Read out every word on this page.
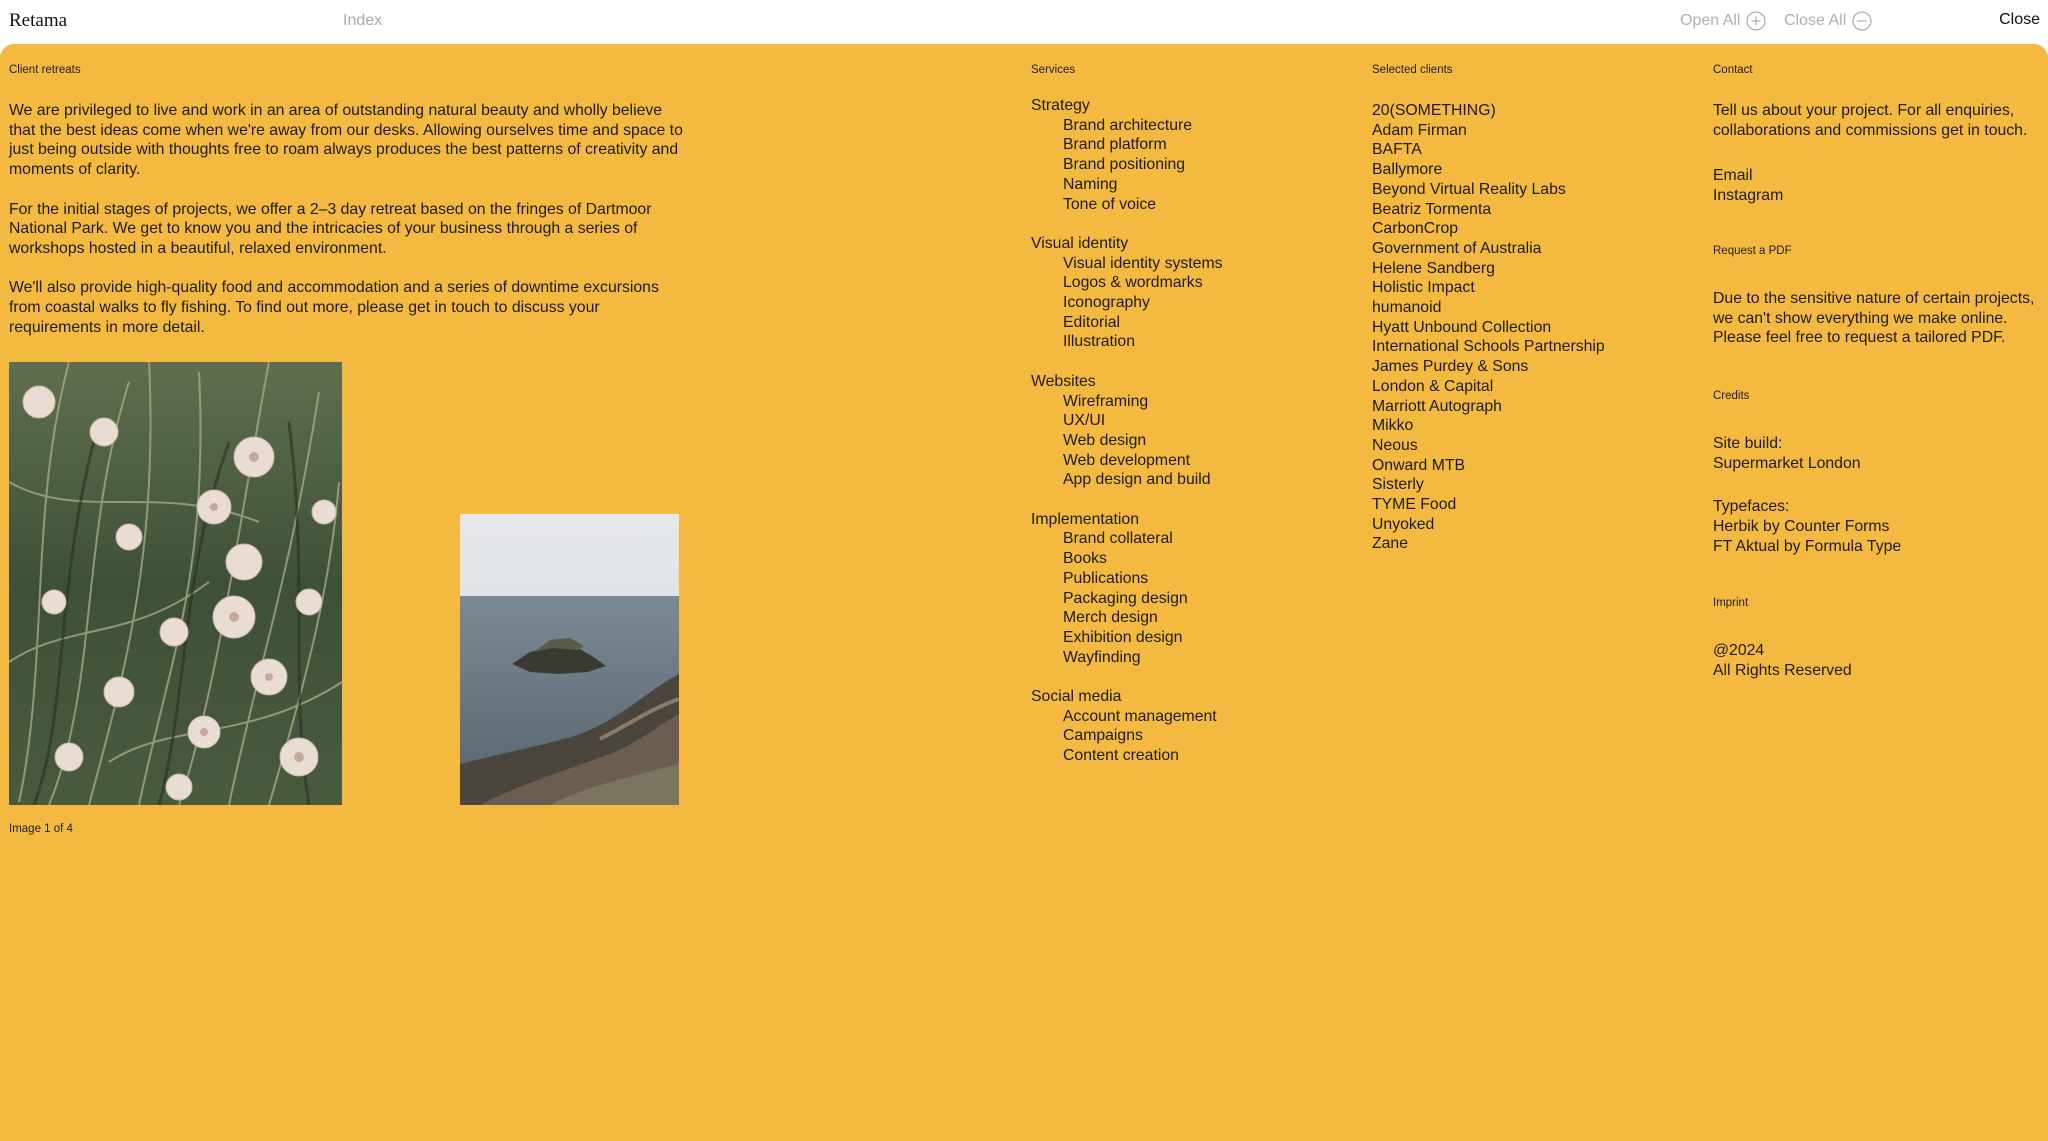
Retama	Index	Open All	Close All	Close
Client retreats

We are privileged to live and work in an area of outstanding natural beauty and wholly believe that the best ideas come when we're away from our desks. Allowing ourselves time and space to just being outside with thoughts free to roam always produces the best patterns of creativity and moments of clarity.

For the initial stages of projects, we offer a 2–3 day retreat based on the fringes of Dartmoor National Park. We get to know you and the intricacies of your business through a series of workshops hosted in a beautiful, relaxed environment.

We'll also provide high-quality food and accommodation and a series of downtime excursions from coastal walks to fly fishing. To find out more, please get in touch to discuss your requirements in more detail.

Image 1 of 4
Services
Strategy
Brand architecture
Brand platform
Brand positioning
Naming
Tone of voice
Visual identity
Visual identity systems
Logos & wordmarks
Iconography
Editorial
Illustration
Websites
Wireframing
UX/UI
Web design
Web development
App design and build
Implementation
Brand collateral
Books
Publications
Packaging design
Merch design
Exhibition design
Wayfinding
Social media
Account management
Campaigns
Content creation
Selected clients
20(SOMETHING)
Adam Firman
BAFTA
Ballymore
Beyond Virtual Reality Labs
Beatriz Tormenta
CarbonCrop
Government of Australia
Helene Sandberg
Holistic Impact
humanoid
Hyatt Unbound Collection
International Schools Partnership
James Purdey & Sons
London & Capital
Marriott Autograph
Mikko
Neous
Onward MTB
Sisterly
TYME Food
Unyoked
Zane
Contact
Tell us about your project. For all enquiries, collaborations and commissions get in touch.
Email
Instagram
Request a PDF
Due to the sensitive nature of certain projects, we can't show everything we make online. Please feel free to request a tailored PDF.
Credits
Site build:
Supermarket London
Typefaces:
Herbik by Counter Forms
FT Aktual by Formula Type
Imprint
@2024
All Rights Reserved
